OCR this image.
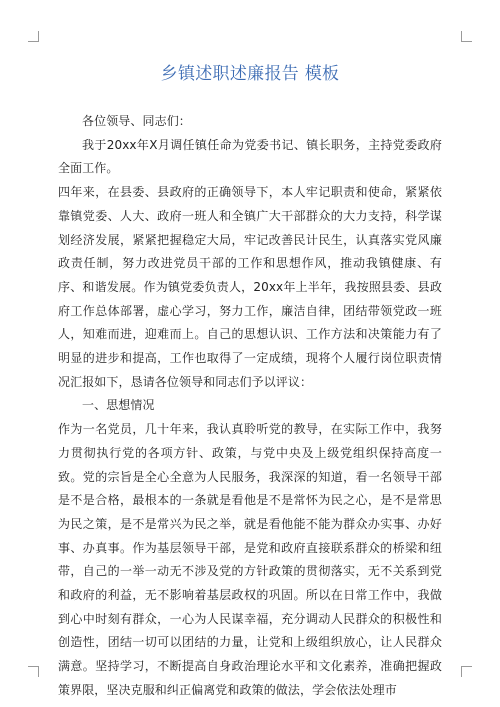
乡镇述职述廉报告 模板

各位领导、同志们：

我于20xx年X月调任镇任命为党委书记、镇长职务，主持党委政府全面工作。

四年来，在县委、县政府的正确领导下，本人牢记职责和使命，紧紧依靠镇党委、人大、政府一班人和全镇广大干部群众的大力支持，科学谋划经济发展，紧紧把握稳定大局，牢记改善民计民生，认真落实党风廉政责任制，努力改进党员干部的工作和思想作风，推动我镇健康、有序、和谐发展。作为镇党委负责人，20xx年上半年，我按照县委、县政府工作总体部署，虚心学习，努力工作，廉洁自律，团结带领党政一班人，知难而进，迎难而上。自己的思想认识、工作方法和决策能力有了明显的进步和提高，工作也取得了一定成绩，现将个人履行岗位职责情况汇报如下，恳请各位领导和同志们予以评议：

一、思想情况

作为一名党员，几十年来，我认真聆听党的教导，在实际工作中，我努力贯彻执行党的各项方针、政策，与党中央及上级党组织保持高度一致。党的宗旨是全心全意为人民服务，我深深的知道，看一名领导干部是不是合格，最根本的一条就是看他是不是常怀为民之心，是不是常思为民之策，是不是常兴为民之举，就是看他能不能为群众办实事、办好事、办真事。作为基层领导干部，是党和政府直接联系群众的桥梁和纽带，自己的一举一动无不涉及党的方针政策的贯彻落实，无不关系到党和政府的利益，无不影响着基层政权的巩固。所以在日常工作中，我做到心中时刻有群众，一心为人民谋幸福，充分调动人民群众的积极性和创造性，团结一切可以团结的力量，让党和上级组织放心，让人民群众满意。坚持学习，不断提高自身政治理论水平和文化素养，准确把握政策界限，坚决克服和纠正偏离党和政策的做法，学会依法处理市
